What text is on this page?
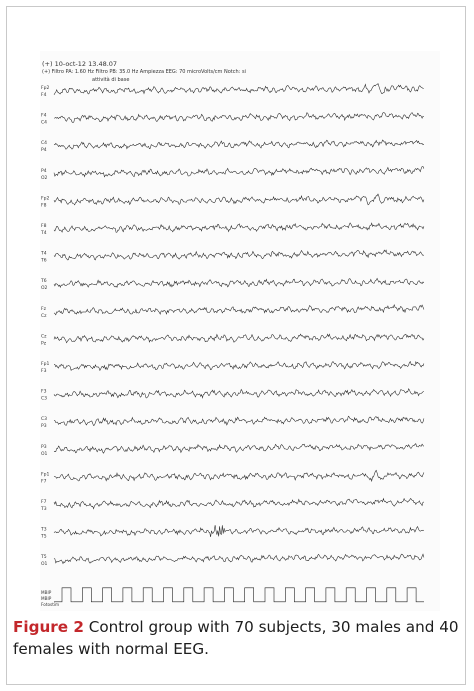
(+) 10-oct-12 13.48.07
(+) Filtro PA: 1.60 Hz Filtro PB: 35.0 Hz Ampiezza EEG: 70 microVolts/cm Notch: si
attività di base
Fp2
F4
F4
C4
C4
P4
P4
O2
Fp2
F8
F8
T4
T4
T6
T6
O2
Fz
Cz
Cz
Pz
Fp1
F3
F3
C3
C3
P3
P3
O1
Fp1
F7
F7
T3
T3
T5
T5
O1
MBIP
MBIP
Fotostim
Figure 2 Control group with 70 subjects, 30 males and 40 females with normal EEG.
